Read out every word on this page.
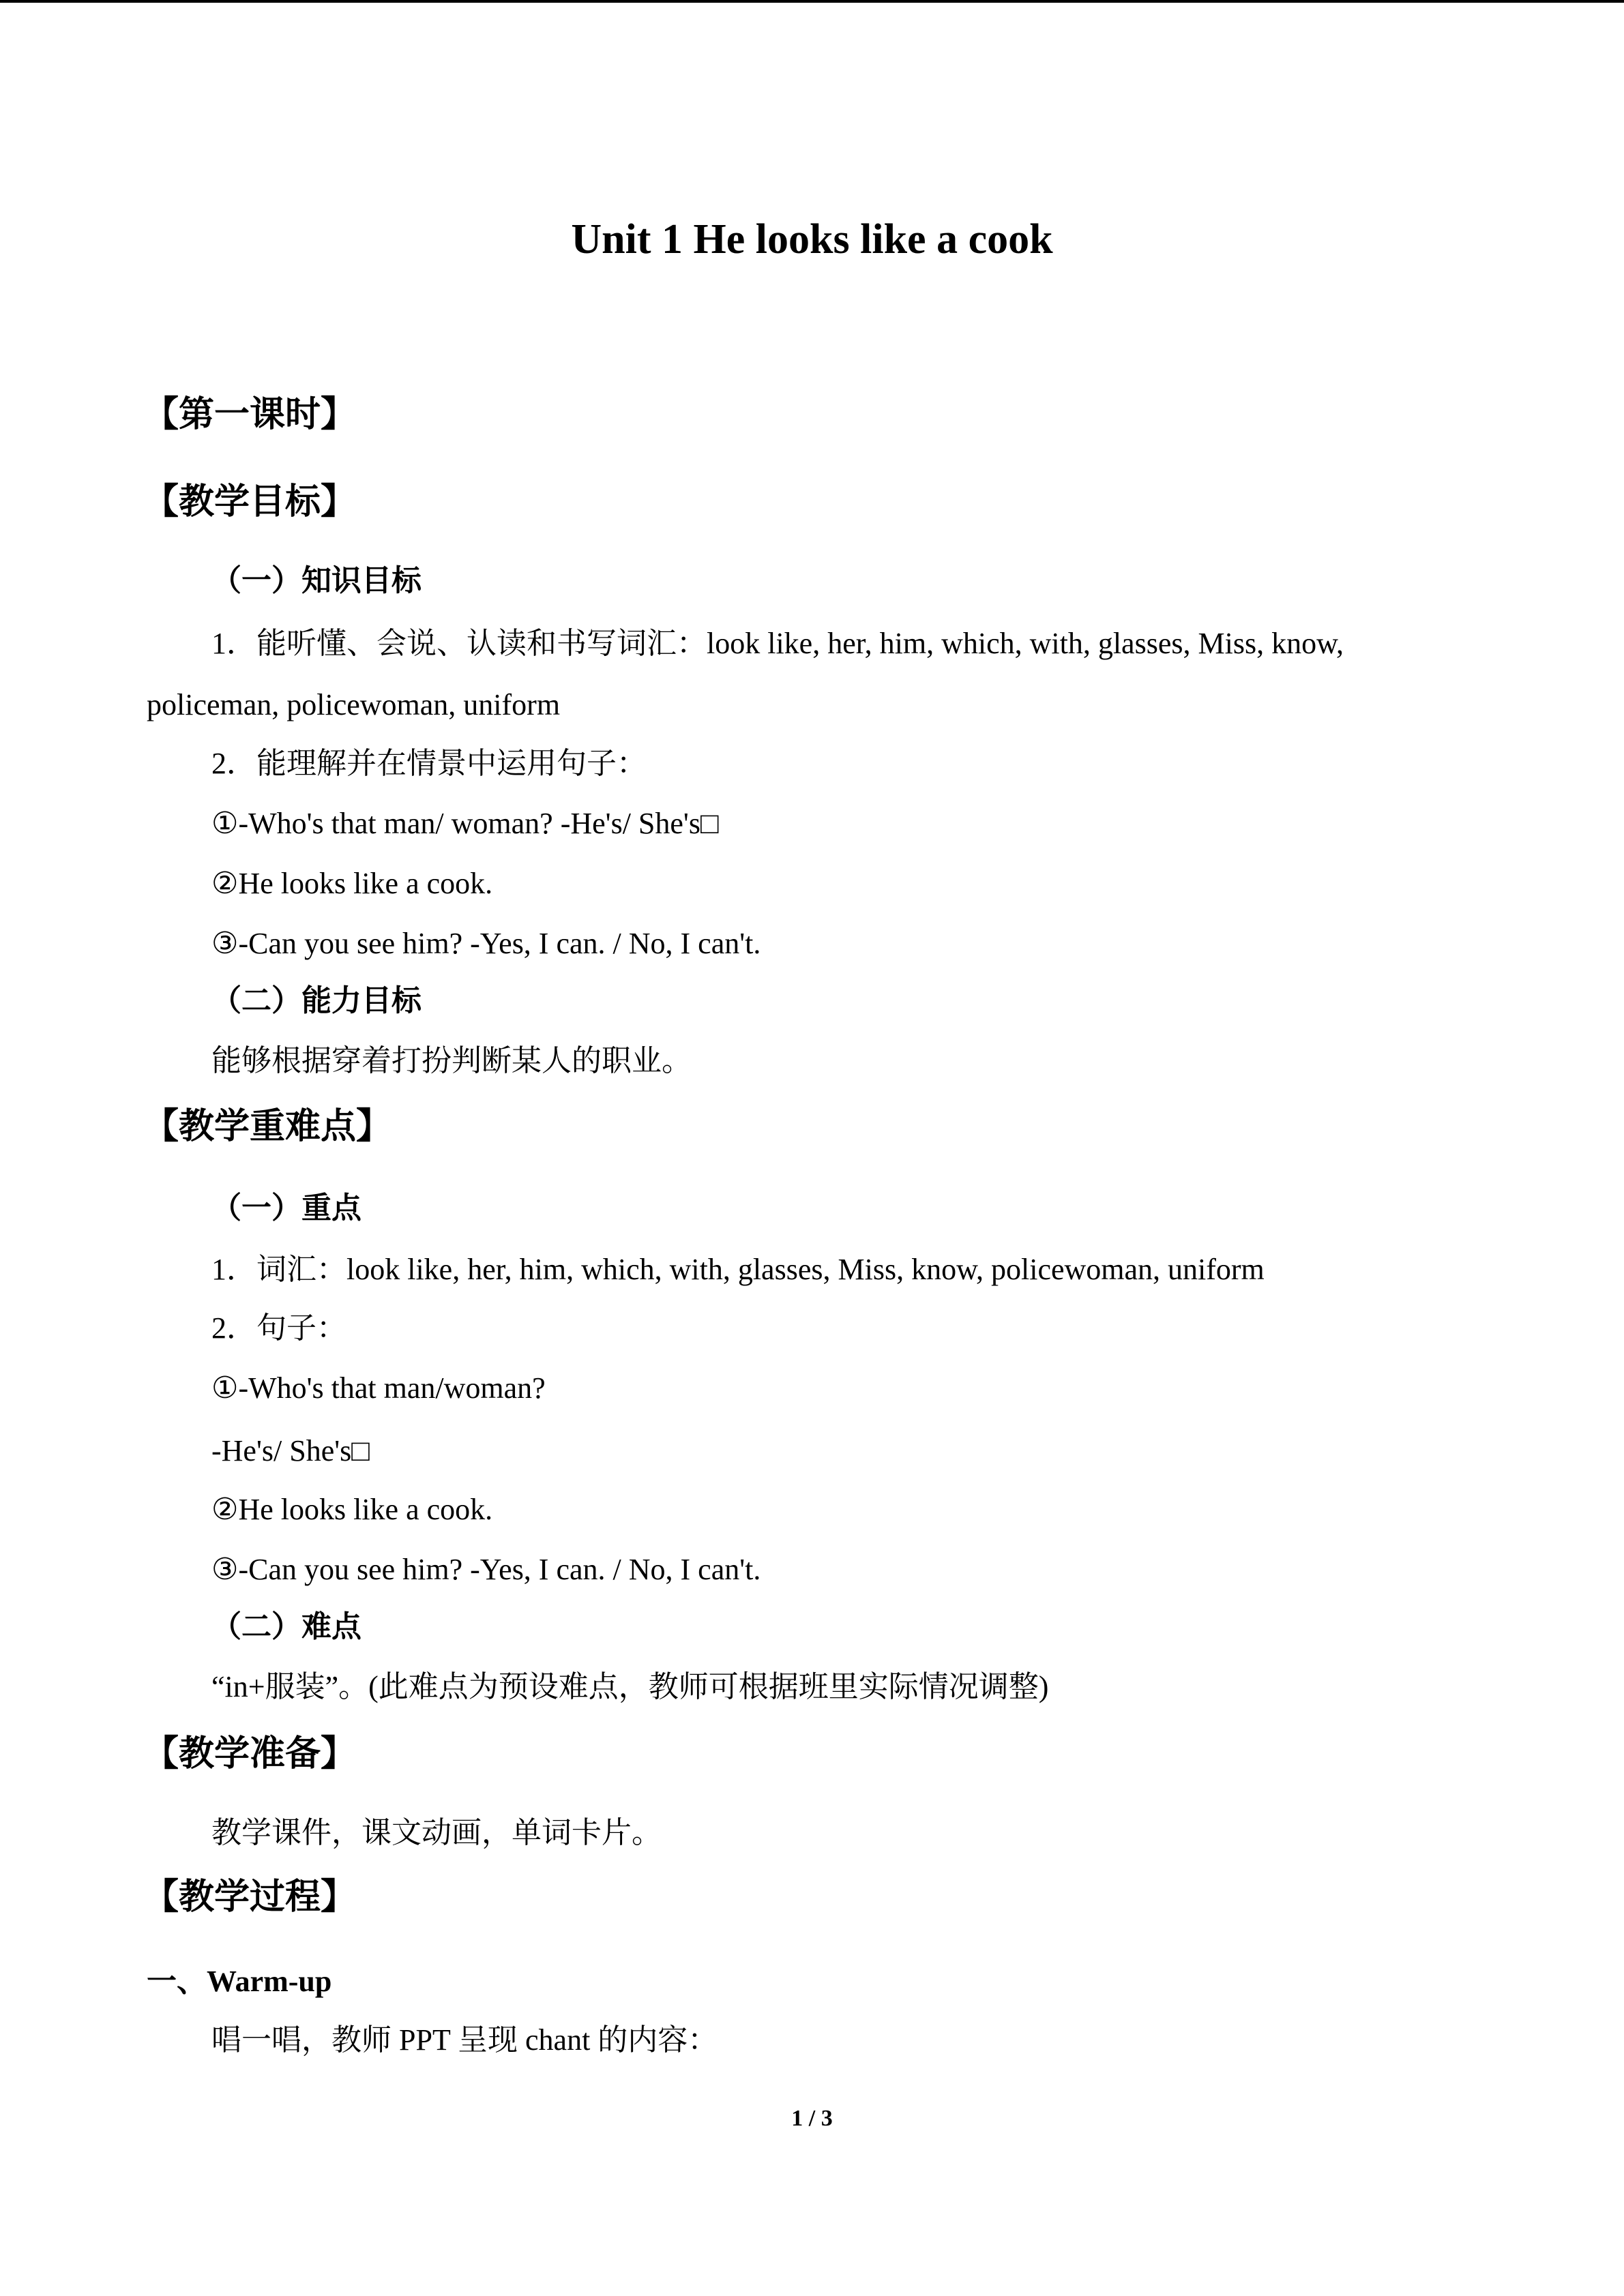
Unit 1 He looks like a cook
【第一课时】
【教学目标】
（一）知识目标
1．能听懂、会说、认读和书写词汇：look like, her, him, which, with, glasses, Miss, know,
policeman, policewoman, uniform
2．能理解并在情景中运用句子：
①-Who's that man/ woman? -He's/ She's□
②He looks like a cook.
③-Can you see him? -Yes, I can. / No, I can't.
（二）能力目标
能够根据穿着打扮判断某人的职业。
【教学重难点】
（一）重点
1．词汇：look like, her, him, which, with, glasses, Miss, know, policewoman, uniform
2．句子：
①-Who's that man/woman?
-He's/ She's□
②He looks like a cook.
③-Can you see him? -Yes, I can. / No, I can't.
（二）难点
“in+服装”。(此难点为预设难点，教师可根据班里实际情况调整)
【教学准备】
教学课件，课文动画，单词卡片。
【教学过程】
一、Warm-up
唱一唱，教师 PPT 呈现 chant 的内容：
1 / 3
